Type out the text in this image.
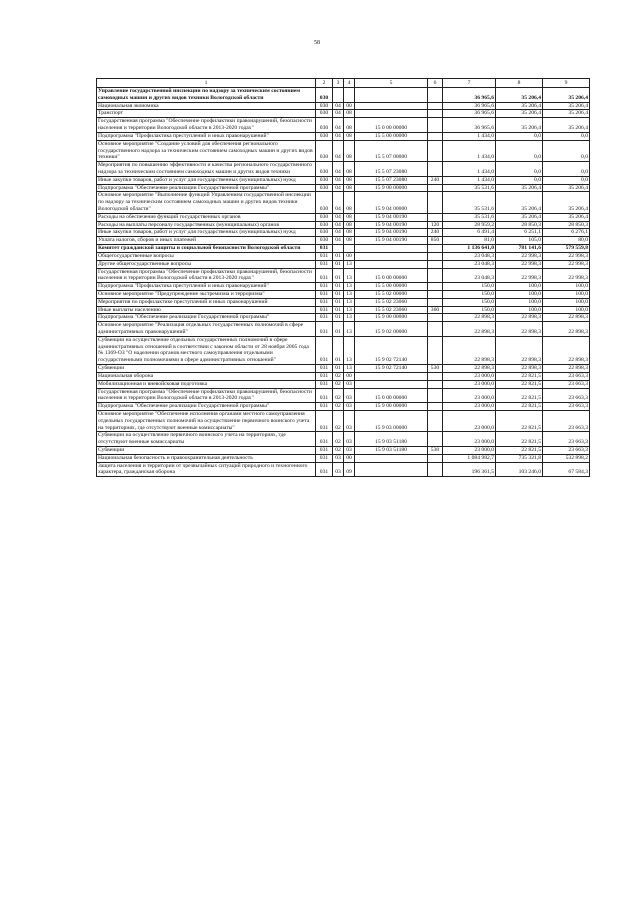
58
1	2	3	4	5	6	7	8	9
Управление государственной инспекции по надзору за техническим состоянием самоходных машин и других видов техники Вологодской области	030					36 965,6	35 206,4	35 206,4
Национальная экономика	030	04	00			36 965,6	35 206,4	35 206,4
Транспорт	030	04	08			36 965,6	35 206,4	35 206,4
Государственная программа "Обеспечение профилактики правонарушений, безопасности населения и территории Вологодской области в 2013-2020 годах"	030	04	08	15 0 00 00000		36 965,6	35 206,4	35 206,4
Подпрограмма "Профилактика преступлений и иных правонарушений"	030	04	08	15 5 00 00000		1 434,0	0,0	0,0
Основное мероприятие "Создание условий для обеспечения регионального государственного надзора за техническим состоянием самоходных машин и других видов техники"	030	04	08	15 5 07 00000		1 434,0	0,0	0,0
Мероприятия по повышению эффективности и качества регионального государственного надзора за техническим состоянием самоходных машин и других видов техники	030	04	08	15 5 07 23080		1 434,0	0,0	0,0
Иные закупки товаров, работ и услуг для государственных (муниципальных) нужд	030	04	08	15 5 07 23080	240	1 434,0	0,0	0,0
Подпрограмма "Обеспечение реализации Государственной программы"	030	04	08	15 9 00 00000		35 531,6	35 206,4	35 206,4
Основное мероприятие "Выполнение функций Управлением государственной инспекции по надзору за техническим состоянием самоходных машин и других видов техники Вологодской области"	030	04	08	15 9 04 00000		35 531,6	35 206,4	35 206,4
Расходы на обеспечение функций государственных органов	030	04	08	15 9 04 00190		35 531,6	35 206,4	35 206,4
Расходы на выплаты персоналу государственных (муниципальных) органов	030	04	08	15 9 04 00190	120	28 959,2	28 850,3	28 850,3
Иные закупки товаров, работ и услуг для государственных (муниципальных) нужд	030	04	08	15 9 04 00190	240	6 491,4	6 251,1	6 276,1
Уплата налогов, сборов и иных платежей	030	04	08	15 9 04 00190	850	81,0	105,0	80,0
Комитет гражданской защиты и социальной безопасности Вологодской области	031					1 136 641,0	781 141,6	579 559,8
Общегосударственные вопросы	031	01	00			23 048,3	22 998,3	22 998,3
Другие общегосударственные вопросы	031	01	13			23 048,3	22 998,3	22 998,3
Государственная программа "Обеспечение профилактики правонарушений, безопасности населения и территории Вологодской области в 2013-2020 годах"	031	01	13	15 0 00 00000		23 048,3	22 998,3	22 998,3
Подпрограмма "Профилактика преступлений и иных правонарушений"	031	01	13	15 5 00 00000		150,0	100,0	100,0
Основное мероприятие "Предупреждение экстремизма и терроризма"	031	01	13	15 5 02 00000		150,0	100,0	100,0
Мероприятия по профилактике преступлений и иных правонарушений	031	01	13	15 5 02 23060		150,0	100,0	100,0
Иные выплаты населению	031	01	13	15 5 02 23060	360	150,0	100,0	100,0
Подпрограмма "Обеспечение реализации Государственной программы"	031	01	13	15 9 00 00000		22 898,3	22 898,3	22 898,3
Основное мероприятие "Реализация отдельных государственных полномочий в сфере административных правонарушений"	031	01	13	15 9 02 00000		22 898,3	22 898,3	22 898,3
Субвенции на осуществление отдельных государственных полномочий в сфере административных отношений в соответствии с законом области от 28 ноября 2005 года № 1369-ОЗ "О наделении органов местного самоуправления отдельными государственными полномочиями в сфере административных отношений"	031	01	13	15 9 02 72140		22 898,3	22 898,3	22 898,3
Субвенции	031	01	13	15 9 02 72140	530	22 898,3	22 898,3	22 898,3
Национальная оборона	031	02	00			23 000,0	22 821,5	23 663,3
Мобилизационная и вневойсковая подготовка	031	02	03			23 000,0	22 821,5	23 663,3
Государственная программа "Обеспечение профилактики правонарушений, безопасности населения и территории Вологодской области в 2013-2020 годах"	031	02	03	15 0 00 00000		23 000,0	22 821,5	23 663,3
Подпрограмма "Обеспечение реализации Государственной программы"	031	02	03	15 9 00 00000		23 000,0	22 821,5	23 663,3
Основное мероприятие "Обеспечение исполнения органами местного самоуправления отдельных государственных полномочий на осуществление первичного воинского учета на территориях, где отсутствуют военные комиссариаты"	031	02	03	15 9 03 00000		23 000,0	22 821,5	23 663,3
Субвенции на осуществление первичного воинского учета на территориях, где отсутствуют военные комиссариаты	031	02	03	15 9 03 51180		23 000,0	22 821,5	23 663,3
Субвенции	031	02	03	15 9 03 51180	530	23 000,0	22 821,5	23 663,3
Национальная безопасность и правоохранительная деятельность	031	03	00			1 084 982,7	735 321,8	532 898,2
Защита населения и территории от чрезвычайных ситуаций природного и техногенного характера, гражданская оборона	031	03	09			196 361,5	103 246,0	67 584,3
